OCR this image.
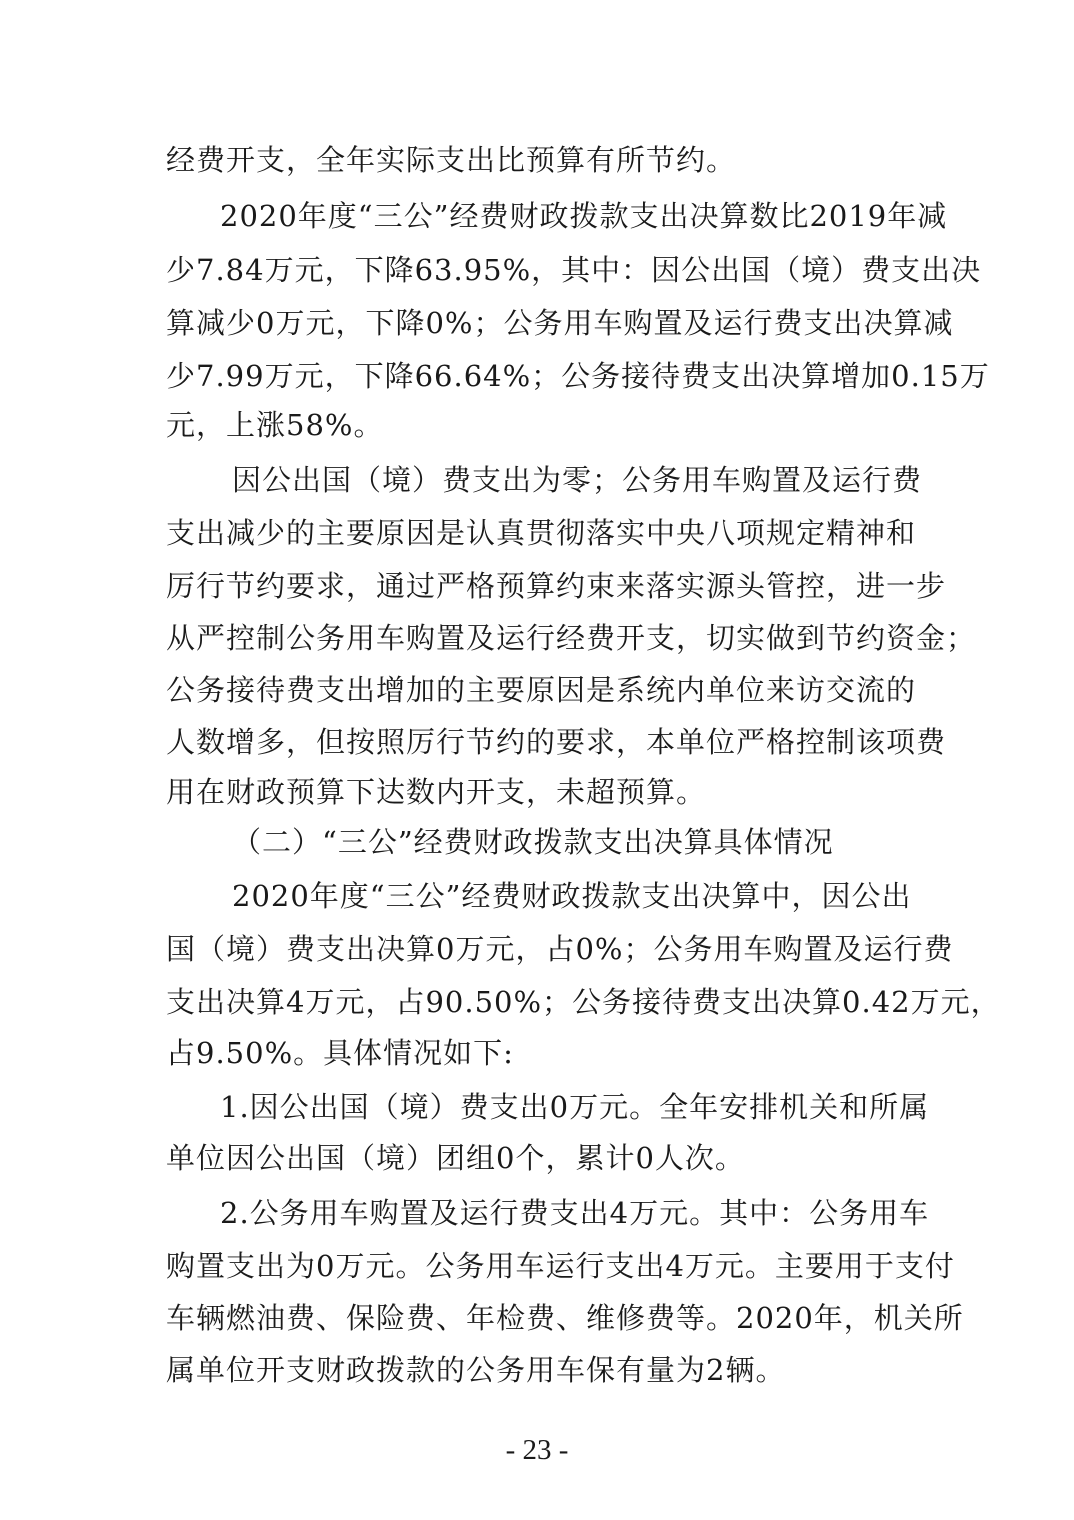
经费开支，全年实际支出比预算有所节约。
2020年度“三公”经费财政拨款支出决算数比2019年减
少7.84万元，下降63.95%，其中：因公出国（境）费支出决
算减少0万元，下降0%；公务用车购置及运行费支出决算减
少7.99万元，下降66.64%；公务接待费支出决算增加0.15万
元，上涨58%。
因公出国（境）费支出为零；公务用车购置及运行费
支出减少的主要原因是认真贯彻落实中央八项规定精神和
厉行节约要求，通过严格预算约束来落实源头管控，进一步
从严控制公务用车购置及运行经费开支，切实做到节约资金；
公务接待费支出增加的主要原因是系统内单位来访交流的
人数增多，但按照厉行节约的要求，本单位严格控制该项费
用在财政预算下达数内开支，未超预算。
（二）“三公”经费财政拨款支出决算具体情况
2020年度“三公”经费财政拨款支出决算中，因公出
国（境）费支出决算0万元，占0%；公务用车购置及运行费
支出决算4万元，占90.50%；公务接待费支出决算0.42万元，
占9.50%。具体情况如下:
1.因公出国（境）费支出0万元。全年安排机关和所属
单位因公出国（境）团组0个，累计0人次。
2.公务用车购置及运行费支出4万元。其中：公务用车
购置支出为0万元。公务用车运行支出4万元。主要用于支付
车辆燃油费、保险费、年检费、维修费等。2020年，机关所
属单位开支财政拨款的公务用车保有量为2辆。
- 23 -
